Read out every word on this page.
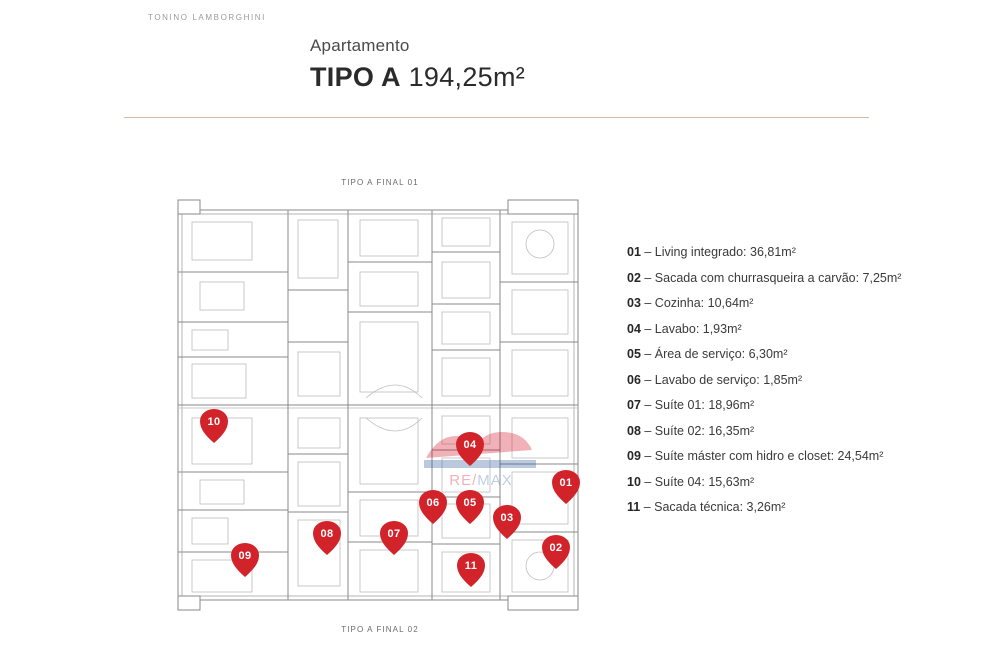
TONINO LAMBORGHINI
Apartamento
TIPO A 194,25m²
TIPO A FINAL 01
TIPO A FINAL 02
RE/MAX	01
02
03
04
05
06
07
08
09
10
11
01 – Living integrado: 36,81m²
02 – Sacada com churrasqueira a carvão: 7,25m²
03 – Cozinha: 10,64m²
04 – Lavabo: 1,93m²
05 – Área de serviço: 6,30m²
06 – Lavabo de serviço: 1,85m²
07 – Suíte 01: 18,96m²
08 – Suíte 02: 16,35m²
09 – Suíte máster com hidro e closet: 24,54m²
10 – Suíte 04: 15,63m²
11 – Sacada técnica: 3,26m²
